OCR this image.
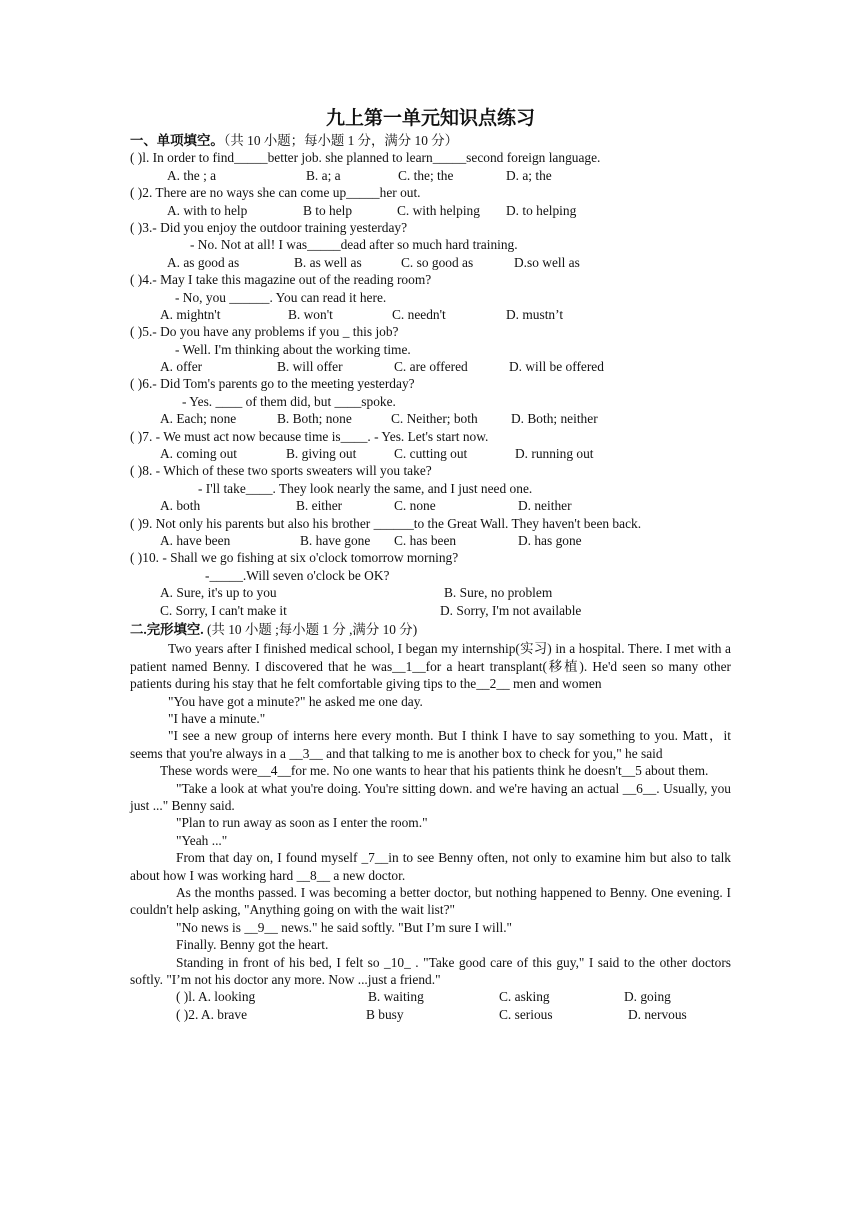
九上第一单元知识点练习
一、单项填空。（共 10 小题；每小题 1 分，满分 10 分）
( )l. In order to find_____better job. she planned to learn_____second foreign language.
A. the ; a	B. a; a	C. the; the	D. a; the
( )2. There are no ways she can come up_____her out.
A. with to help	B to help	C. with helping D. to helping
( )3.- Did you enjoy the outdoor training yesterday?
- No. Not at all! I was_____dead after so much hard training.
A. as good as	B. as well as	C. so good as	D.so well as
( )4.- May I take this magazine out of the reading room?
- No, you ______. You can read it here.
A. mightn't	B. won't	C. needn't	D. mustn’t
( )5.- Do you have any problems if you _ this job?
- Well. I'm thinking about the working time.
A. offer	B. will offer	C. are offered	D. will be offered
( )6.- Did Tom's parents go to the meeting yesterday?
- Yes. ____ of them did, but ____spoke.
A. Each; none	B. Both; none	C. Neither; both D. Both; neither
( )7. - We must act now because time is____. - Yes. Let's start now.
A. coming out	B. giving out	C. cutting out	D. running out
( )8. - Which of these two sports sweaters will you take?
- I'll take____. They look nearly the same, and I just need one.
A. both	B. either	C. none	D. neither
( )9. Not only his parents but also his brother ______to the Great Wall. They haven't been back.
A. have been	B. have gone C. has been	D. has gone
( )10. - Shall we go fishing at six o'clock tomorrow morning?
-_____.Will seven o'clock be OK?
A. Sure, it's up to you	B. Sure, no problem
C. Sorry, I can't make it	D. Sorry, I'm not available
二.完形填空. (共 10 小题 ;每小题 1 分 ,满分 10 分)
Two years after I finished medical school, I began my internship(实习) in a hospital. There. I met with a patient named Benny. I discovered that he was__1__for a heart transplant(移植). He'd seen so many other patients during his stay that he felt comfortable giving tips to the__2__ men and women
"You have got a minute?" he asked me one day.
"I have a minute."
"I see a new group of interns here every month. But I think I have to say something to you. Matt，it seems that you're always in a __3__ and that talking to me is another box to check for you," he said
These words were__4__for me. No one wants to hear that his patients think he doesn't__5 about them.
"Take a look at what you're doing. You're sitting down. and we're having an actual __6__. Usually, you just ..." Benny said.
"Plan to run away as soon as I enter the room."
"Yeah ..."
From that day on, I found myself _7__in to see Benny often, not only to examine him but also to talk about how I was working hard __8__ a new doctor.
As the months passed. I was becoming a better doctor, but nothing happened to Benny. One evening. I couldn't help asking, "Anything going on with the wait list?"
"No news is __9__ news." he said softly. "But I’m sure I will."
Finally. Benny got the heart.
Standing in front of his bed, I felt so _10_ . "Take good care of this guy," I said to the other doctors softly. "I’m not his doctor any more. Now ...just a friend."
( )l. A. looking	B. waiting	C. asking	D. going
( )2. A. brave	B busy	C. serious	D. nervous
